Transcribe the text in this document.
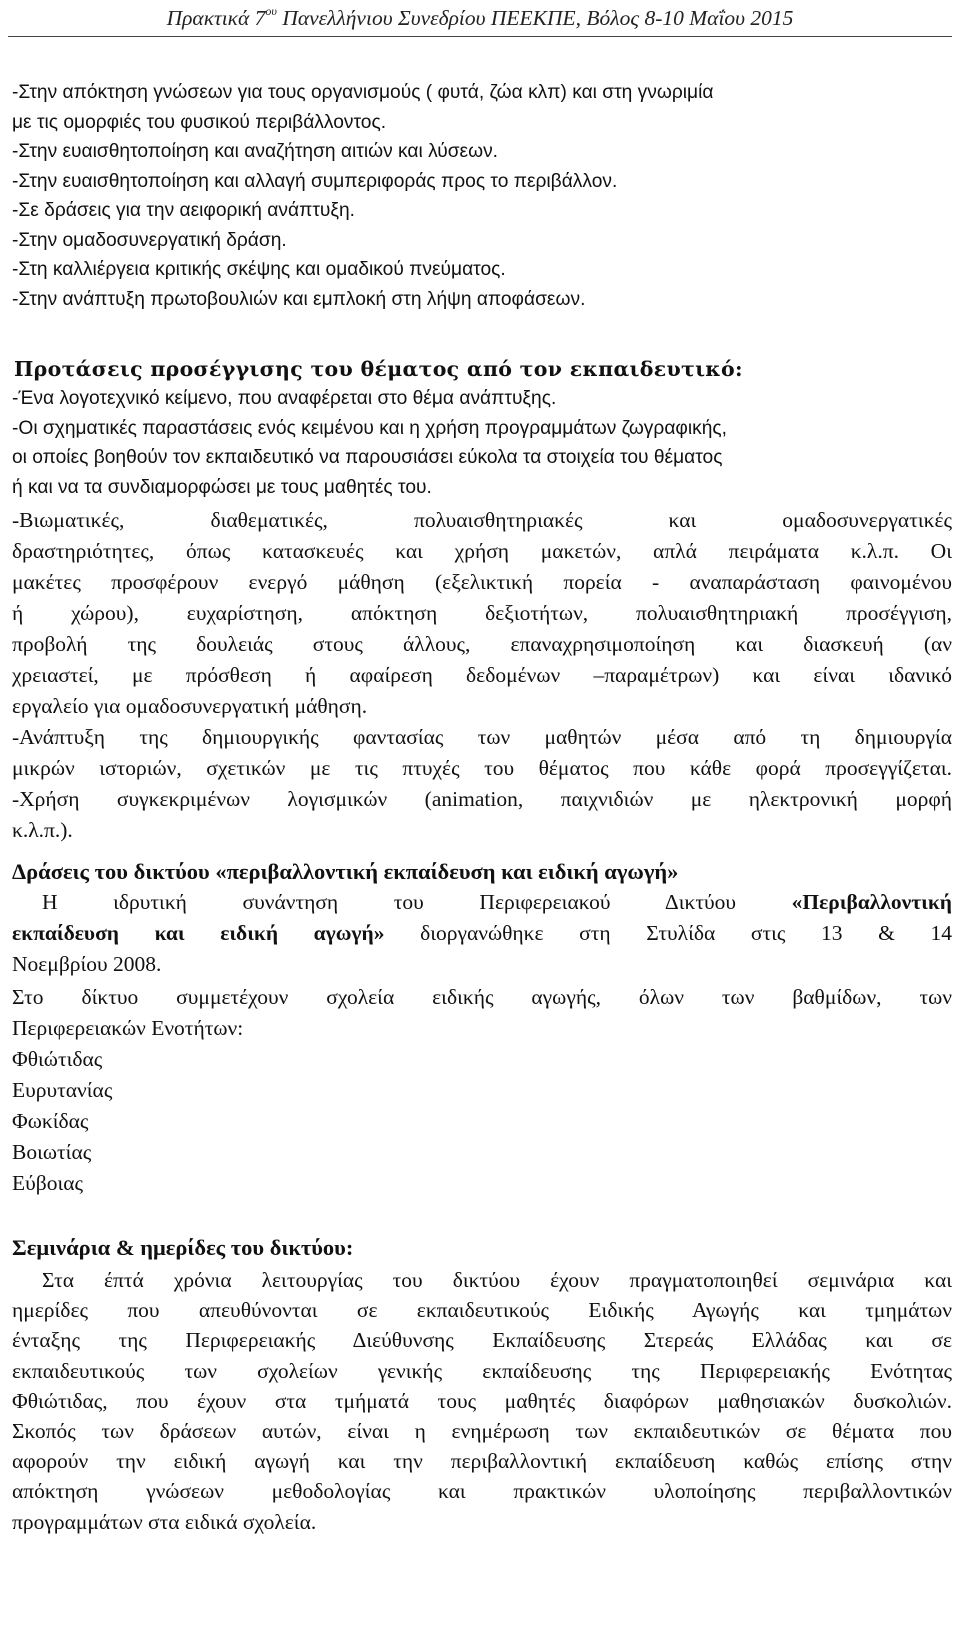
Πρακτικά $7^{o\upsilon}$ Πανελλήνιου Συνεδρίου ΠΕΕΚΠΕ, Βόλος 8-10 Μαΐου 2015
-Στην απόκτηση γνώσεων για τους οργανισμούς ( φυτά, ζώα κλπ) και στη γνωριμία
με τις ομορφιές του φυσικού περιβάλλοντος.
-Στην ευαισθητοποίηση και αναζήτηση αιτιών και λύσεων.
-Στην ευαισθητοποίηση και αλλαγή συμπεριφοράς προς το περιβάλλον.
-Σε δράσεις για την αειφορική ανάπτυξη.
-Στην ομαδοσυνεργατική δράση.
-Στη καλλιέργεια κριτικής σκέψης και ομαδικού πνεύματος.
-Στην ανάπτυξη πρωτοβουλιών και εμπλοκή στη λήψη αποφάσεων.
Προτάσεις προσέγγισης του θέματος από τον εκπαιδευτικό:
-Ένα λογοτεχνικό κείμενο, που αναφέρεται στο θέμα ανάπτυξης.
-Οι σχηματικές παραστάσεις ενός κειμένου και η χρήση προγραμμάτων ζωγραφικής,
οι οποίες βοηθούν τον εκπαιδευτικό να παρουσιάσει εύκολα τα στοιχεία του θέματος
ή και να τα συνδιαμορφώσει με τους μαθητές του.
-Βιωματικές, διαθεματικές, πολυαισθητηριακές και ομαδοσυνεργατικές
δραστηριότητες, όπως κατασκευές και χρήση μακετών, απλά πειράματα κ.λ.π. Οι
μακέτες προσφέρουν ενεργό μάθηση (εξελικτική πορεία - αναπαράσταση φαινομένου
ή χώρου), ευχαρίστηση, απόκτηση δεξιοτήτων, πολυαισθητηριακή προσέγγιση,
προβολή της δουλειάς στους άλλους, επαναχρησιμοποίηση και διασκευή (αν
χρειαστεί, με πρόσθεση ή αφαίρεση δεδομένων –παραμέτρων) και είναι ιδανικό
εργαλείο για ομαδοσυνεργατική μάθηση.
-Ανάπτυξη της δημιουργικής φαντασίας των μαθητών μέσα από τη δημιουργία
μικρών ιστοριών, σχετικών με τις πτυχές του θέματος που κάθε φορά προσεγγίζεται.
-Χρήση συγκεκριμένων λογισμικών (animation, παιχνιδιών με ηλεκτρονική μορφή
κ.λ.π.).
Δράσεις του δικτύου «περιβαλλοντική εκπαίδευση και ειδική αγωγή»
Η ιδρυτική συνάντηση του Περιφερειακού Δικτύου «Περιβαλλοντική
εκπαίδευση και ειδική αγωγή» διοργανώθηκε στη Στυλίδα στις 13 & 14
Νοεμβρίου 2008.
Στο δίκτυο συμμετέχουν σχολεία ειδικής αγωγής, όλων των βαθμίδων, των
Περιφερειακών Ενοτήτων:
Φθιώτιδας
Ευρυτανίας
Φωκίδας
Βοιωτίας
Εύβοιας
Σεμινάρια & ημερίδες του δικτύου:
Στα έπτά χρόνια λειτουργίας του δικτύου έχουν πραγματοποιηθεί σεμινάρια και
ημερίδες που απευθύνονται σε εκπαιδευτικούς Ειδικής Αγωγής και τμημάτων
ένταξης της Περιφερειακής Διεύθυνσης Εκπαίδευσης Στερεάς Ελλάδας και σε
εκπαιδευτικούς των σχολείων γενικής εκπαίδευσης της Περιφερειακής Ενότητας
Φθιώτιδας, που έχουν στα τμήματά τους μαθητές διαφόρων μαθησιακών δυσκολιών.
Σκοπός των δράσεων αυτών, είναι η ενημέρωση των εκπαιδευτικών σε θέματα που
αφορούν την ειδική αγωγή και την περιβαλλοντική εκπαίδευση καθώς επίσης στην
απόκτηση γνώσεων μεθοδολογίας και πρακτικών υλοποίησης περιβαλλοντικών
προγραμμάτων στα ειδικά σχολεία.
